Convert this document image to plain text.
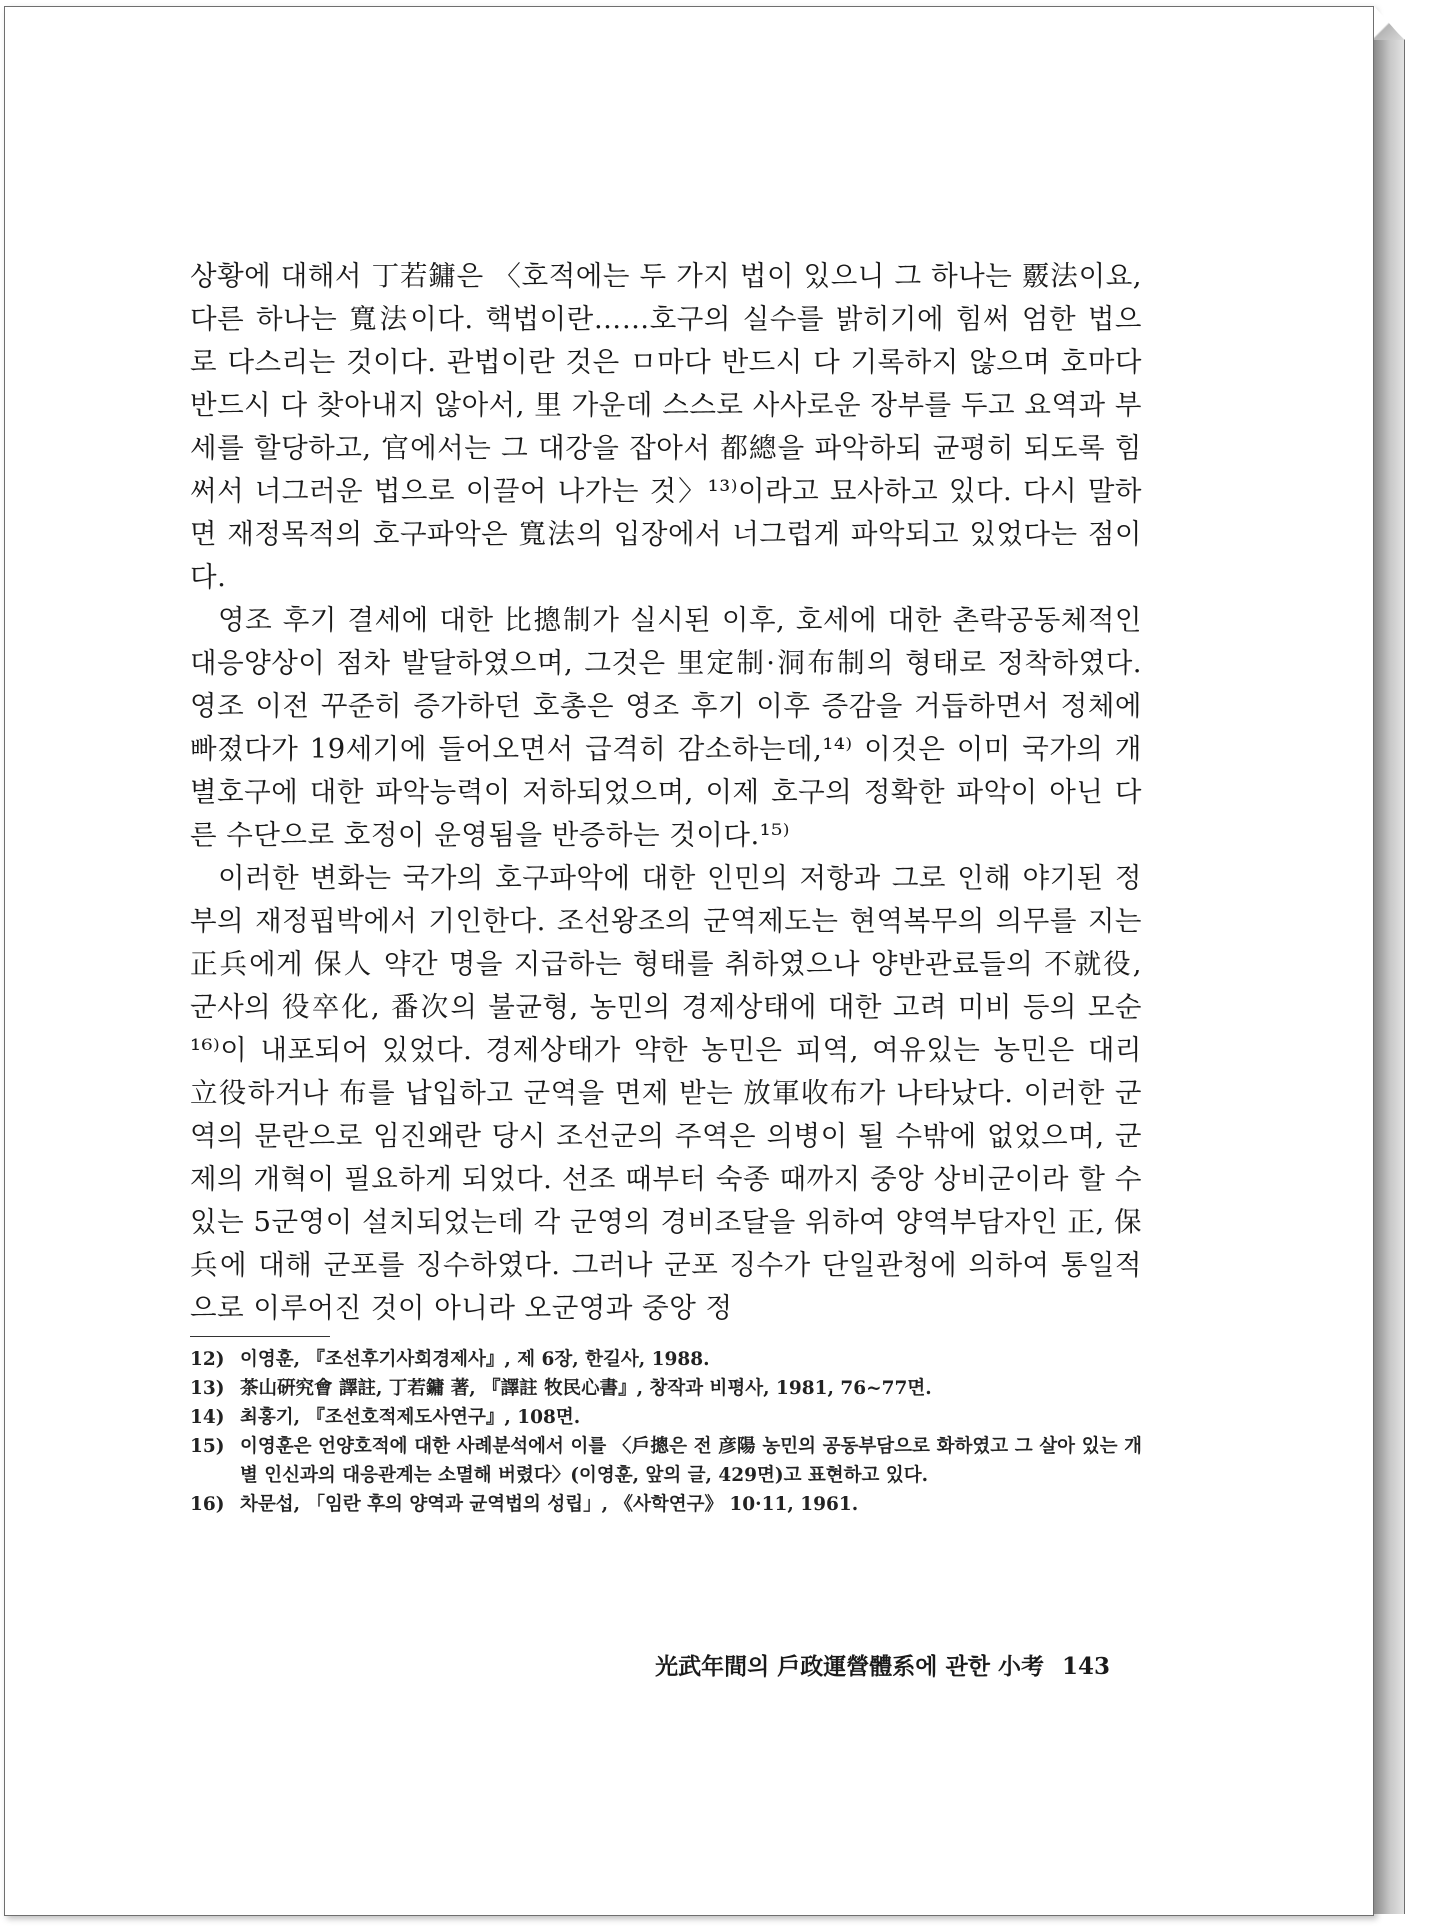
상황에 대해서 丁若鏞은 〈호적에는 두 가지 법이 있으니 그 하나는 覈法이요, 다른 하나는 寬法이다. 핵법이란……호구의 실수를 밝히기에 힘써 엄한 법으로 다스리는 것이다. 관법이란 것은 ㅁ마다 반드시 다 기록하지 않으며 호마다 반드시 다 찾아내지 않아서, 里 가운데 스스로 사사로운 장부를 두고 요역과 부세를 할당하고, 官에서는 그 대강을 잡아서 都總을 파악하되 균평히 되도록 힘써서 너그러운 법으로 이끌어 나가는 것〉¹³⁾이라고 묘사하고 있다. 다시 말하면 재정목적의 호구파악은 寬法의 입장에서 너그럽게 파악되고 있었다는 점이다.

영조 후기 결세에 대한 比摠制가 실시된 이후, 호세에 대한 촌락공동체적인 대응양상이 점차 발달하였으며, 그것은 里定制·洞布制의 형태로 정착하였다. 영조 이전 꾸준히 증가하던 호총은 영조 후기 이후 증감을 거듭하면서 정체에 빠졌다가 19세기에 들어오면서 급격히 감소하는데,¹⁴⁾ 이것은 이미 국가의 개별호구에 대한 파악능력이 저하되었으며, 이제 호구의 정확한 파악이 아닌 다른 수단으로 호정이 운영됨을 반증하는 것이다.¹⁵⁾

이러한 변화는 국가의 호구파악에 대한 인민의 저항과 그로 인해 야기된 정부의 재정핍박에서 기인한다. 조선왕조의 군역제도는 현역복무의 의무를 지는 正兵에게 保人 약간 명을 지급하는 형태를 취하였으나 양반관료들의 不就役, 군사의 役卒化, 番次의 불균형, 농민의 경제상태에 대한 고려 미비 등의 모순¹⁶⁾이 내포되어 있었다. 경제상태가 약한 농민은 피역, 여유있는 농민은 대리 立役하거나 布를 납입하고 군역을 면제 받는 放軍收布가 나타났다. 이러한 군역의 문란으로 임진왜란 당시 조선군의 주역은 의병이 될 수밖에 없었으며, 군제의 개혁이 필요하게 되었다. 선조 때부터 숙종 때까지 중앙 상비군이라 할 수 있는 5군영이 설치되었는데 각 군영의 경비조달을 위하여 양역부담자인 正, 保兵에 대해 군포를 징수하였다. 그러나 군포 징수가 단일관청에 의하여 통일적으로 이루어진 것이 아니라 오군영과 중앙 정

12) 이영훈, 『조선후기사회경제사』, 제 6장, 한길사, 1988.
13) 茶山硏究會 譯註, 丁若鏞 著, 『譯註 牧民心書』, 창작과 비평사, 1981, 76~77면.
14) 최홍기, 『조선호적제도사연구』, 108면.
15) 이영훈은 언양호적에 대한 사례분석에서 이를 〈戶摠은 전 彦陽 농민의 공동부담으로 화하였고 그 살아 있는 개별 인신과의 대응관계는 소멸해 버렸다〉(이영훈, 앞의 글, 429면)고 표현하고 있다.
16) 차문섭, 「임란 후의 양역과 균역법의 성립」, 《사학연구》 10·11, 1961.
光武年間의 戶政運營體系에 관한 小考 143
